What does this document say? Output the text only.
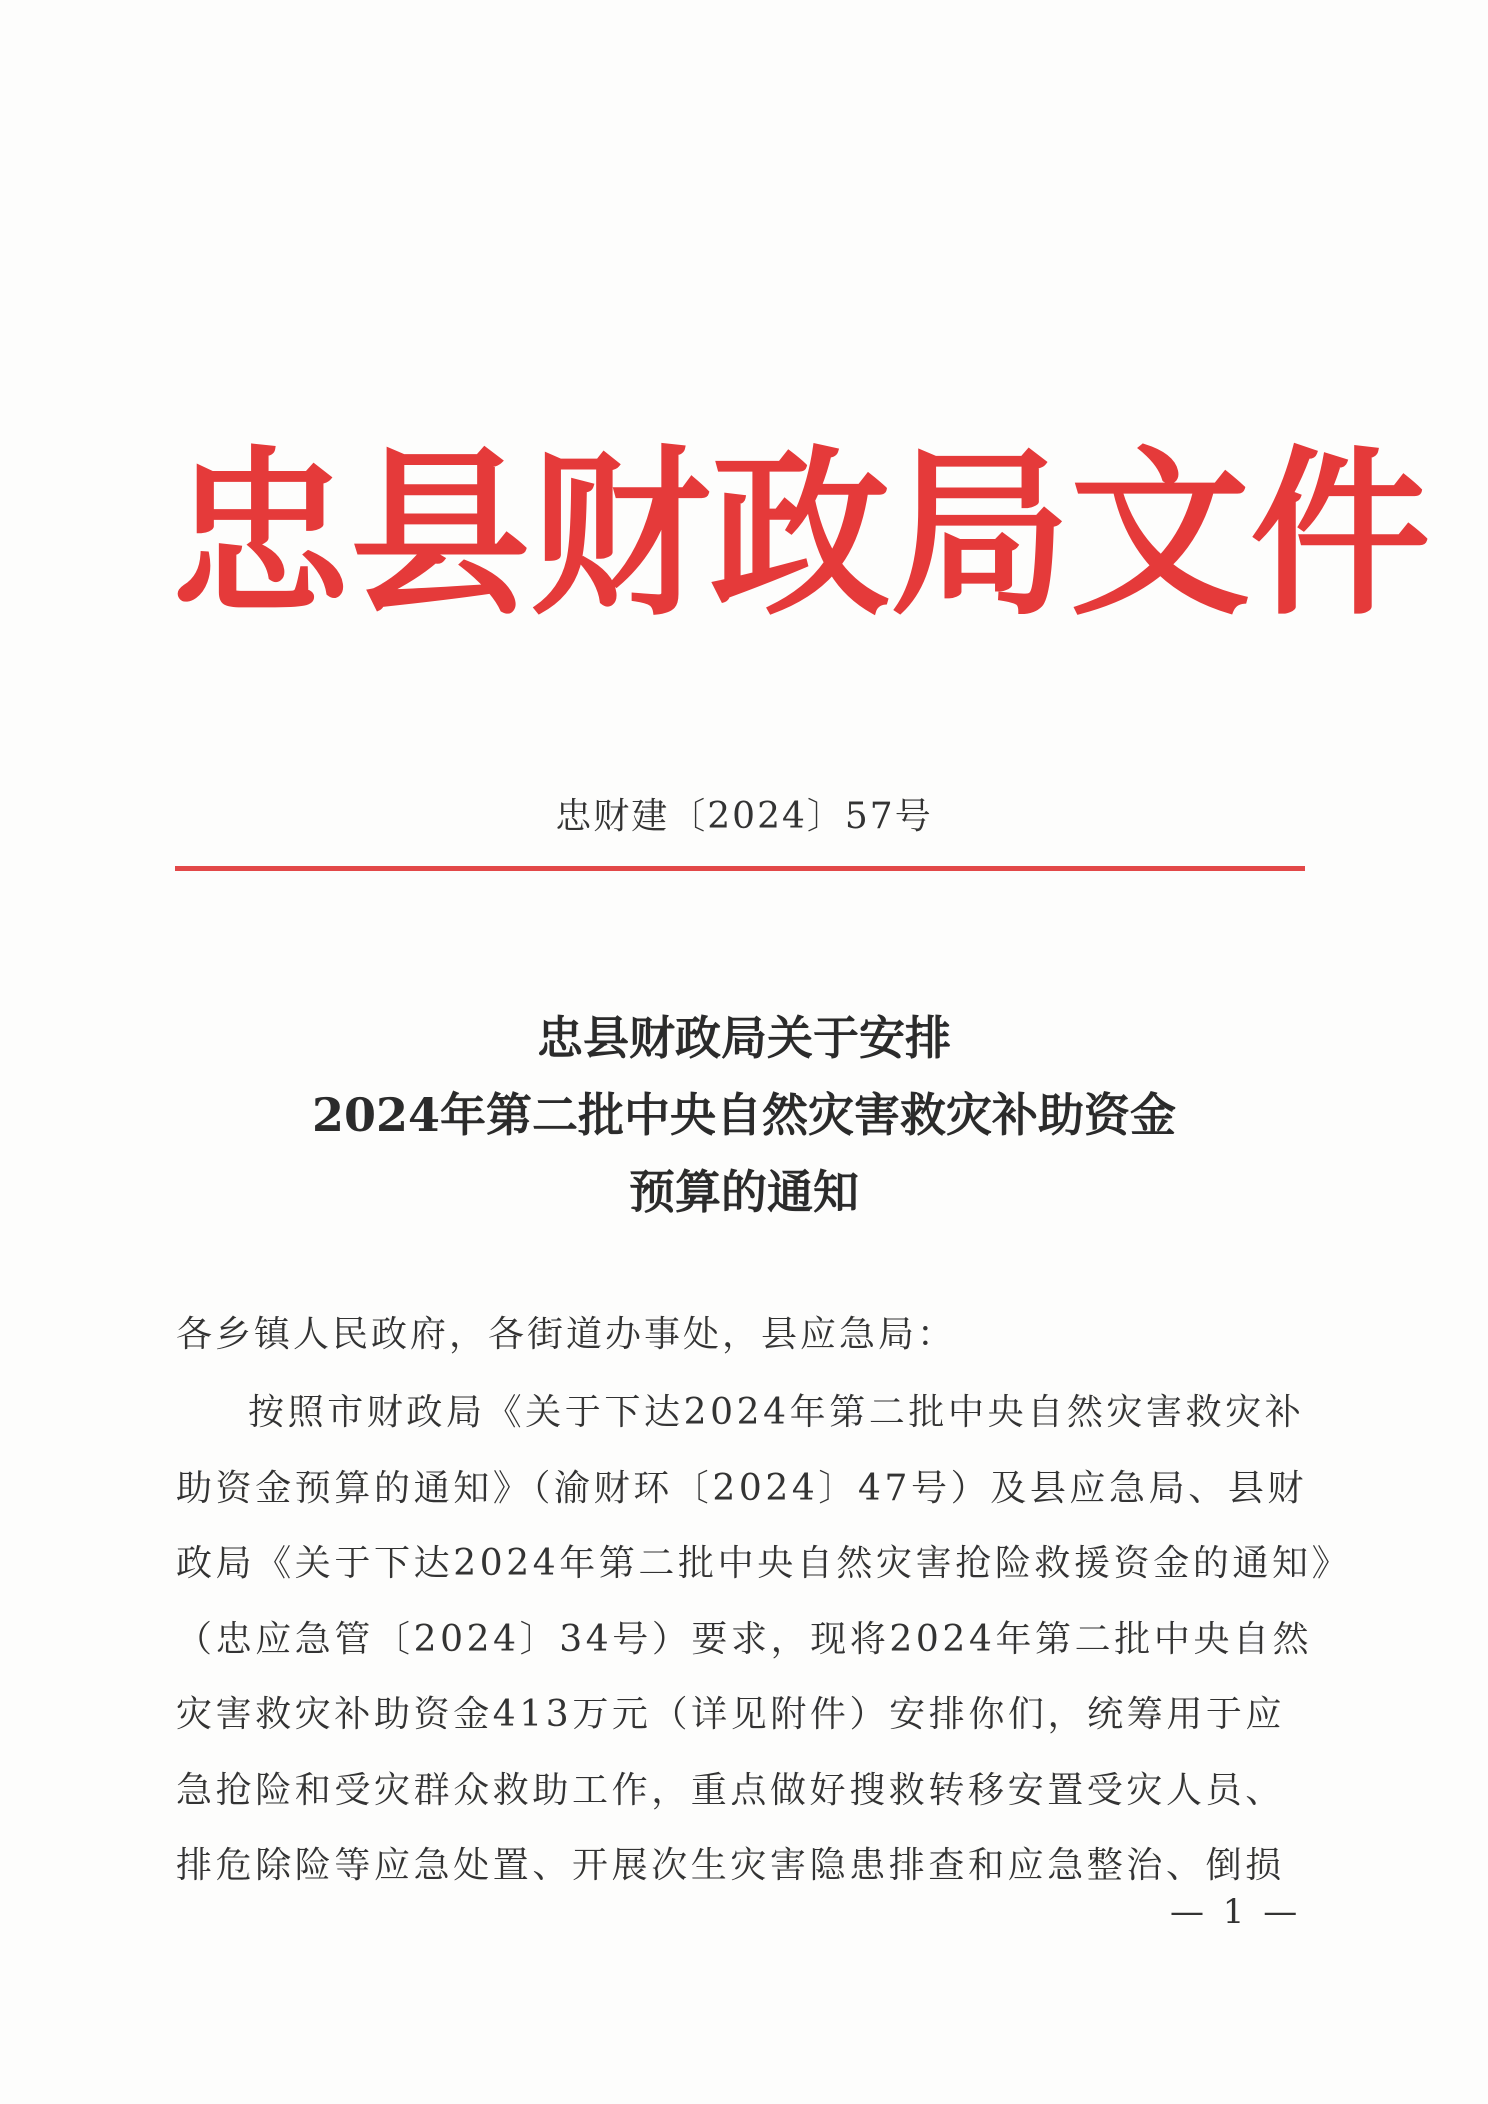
忠 县 财 政 局 文 件
忠财建〔2024〕57号
忠县财政局关于安排
2024年第二批中央自然灾害救灾补助资金
预算的通知
各乡镇人民政府，各街道办事处，县应急局：
按照市财政局《关于下达2024年第二批中央自然灾害救灾补
助资金预算的通知》（渝财环〔2024〕47号）及县应急局、县财
政局《关于下达2024年第二批中央自然灾害抢险救援资金的通知》
（忠应急管〔2024〕34号）要求，现将2024年第二批中央自然
灾害救灾补助资金413万元（详见附件）安排你们，统筹用于应
急抢险和受灾群众救助工作，重点做好搜救转移安置受灾人员、
排危除险等应急处置、开展次生灾害隐患排查和应急整治、倒损
— 1 —
